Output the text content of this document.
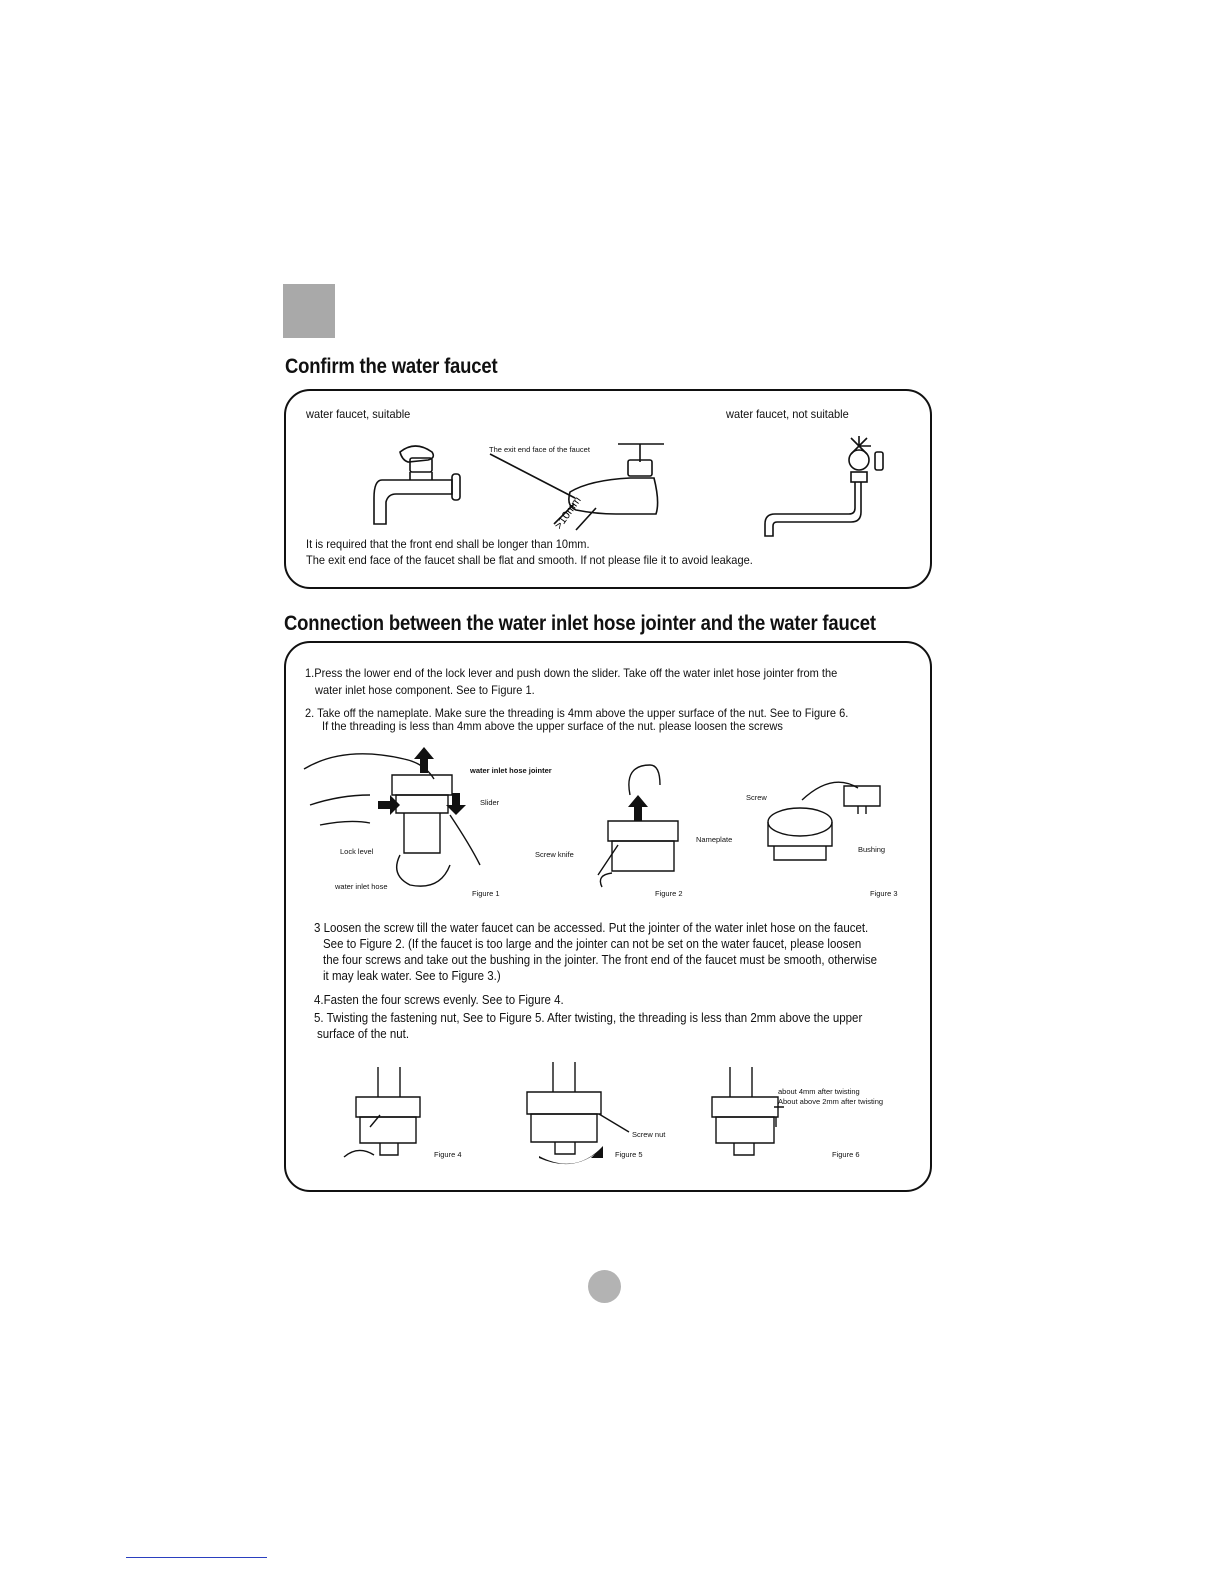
Confirm the water faucet
water faucet, suitable	water faucet, not suitable
The exit end face of the faucet
>10mm
It is required that the front end shall be longer than 10mm.
The exit end face of the faucet shall be flat and smooth. If not please file it to avoid leakage.
Connection between the water inlet hose jointer and the water faucet
1.Press the lower end of the lock lever and push down the slider. Take off the water inlet hose jointer from the
water inlet hose component. See to Figure 1.
2. Take off the nameplate. Make sure the threading is 4mm above the upper surface of the nut. See to Figure 6.
If the threading is less than 4mm above the upper surface of the nut. please loosen the screws
water inlet hose jointer
Slider
Lock level
water inlet hose
Figure 1
Nameplate
Screw knife
Figure 2
Screw
Bushing
Figure 3
3 Loosen the screw till the water faucet can be accessed. Put the jointer of the water inlet hose on the faucet.
See to Figure 2. (If the faucet is too large and the jointer can not be set on the water faucet, please loosen
the four screws and take out the bushing in the jointer. The front end of the faucet must be smooth, otherwise
it may leak water. See to Figure 3.)
4.Fasten the four screws evenly. See to Figure 4.
5. Twisting the fastening nut, See to Figure 5. After twisting, the threading is less than 2mm above the upper
surface of the nut.
Figure 4
Screw nut
Figure 5
about 4mm after twisting
About above 2mm after twisting
Figure 6
